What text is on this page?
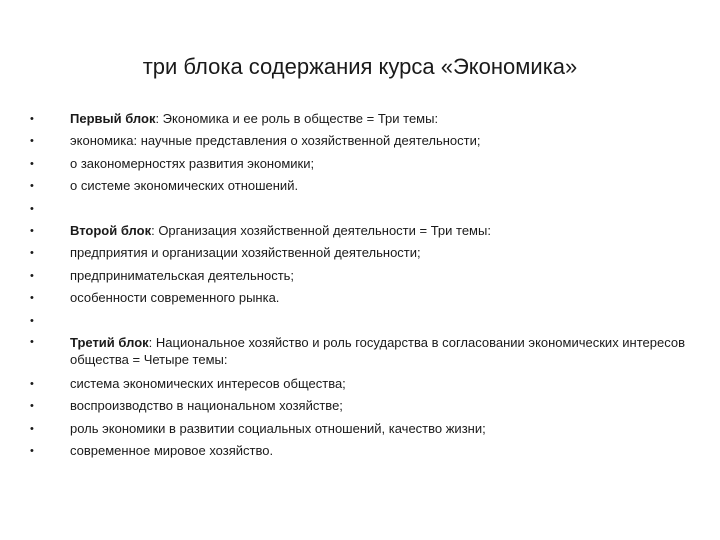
три блока содержания курса «Экономика»
•	Первый блок: Экономика и ее роль в обществе = Три темы:
•	экономика: научные представления о хозяйственной деятельности;
•	о закономерностях развития экономики;
•	о системе экономических отношений.
•
•	Второй блок: Организация хозяйственной деятельности = Три темы:
•	предприятия и организации хозяйственной деятельности;
•	предпринимательская деятельность;
•	особенности современного рынка.
•
•	Третий блок: Национальное хозяйство и роль государства в согласовании экономических интересов общества = Четыре темы:
•	система экономических интересов общества;
•	воспроизводство в национальном хозяйстве;
•	роль экономики в развитии социальных отношений, качество жизни;
•	современное мировое хозяйство.
